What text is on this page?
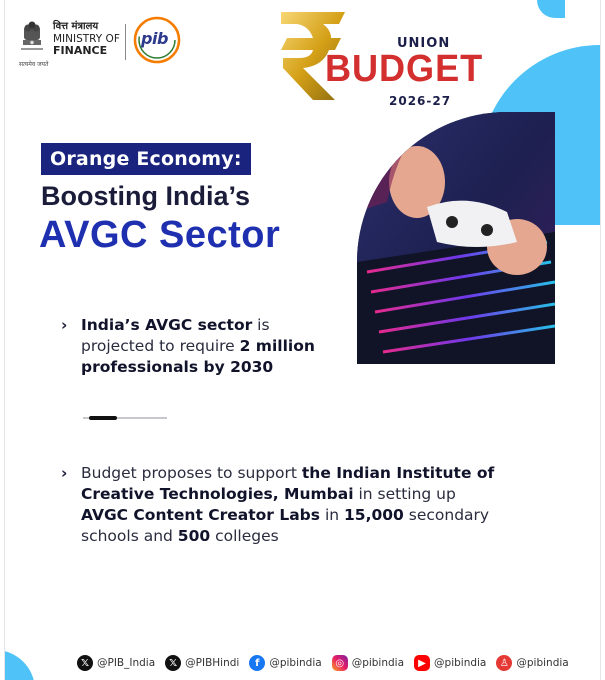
सत्यमेव जयते
वित्त मंत्रालय
MINISTRY OF
FINANCE
pib	UNION
BUDGET
2026-27
Orange Economy:
Boosting India’s
AVGC Sector
› India’s AVGC sector is projected to require 2 million professionals by 2030
› Budget proposes to support the Indian Institute of Creative Technologies, Mumbai in setting up AVGC Content Creator Labs in 15,000 secondary schools and 500 colleges
𝕏 @PIB_India	𝕏 @PIBHindi	f @pibindia	◎ @pibindia	▶ @pibindia	♙ @pibindia
